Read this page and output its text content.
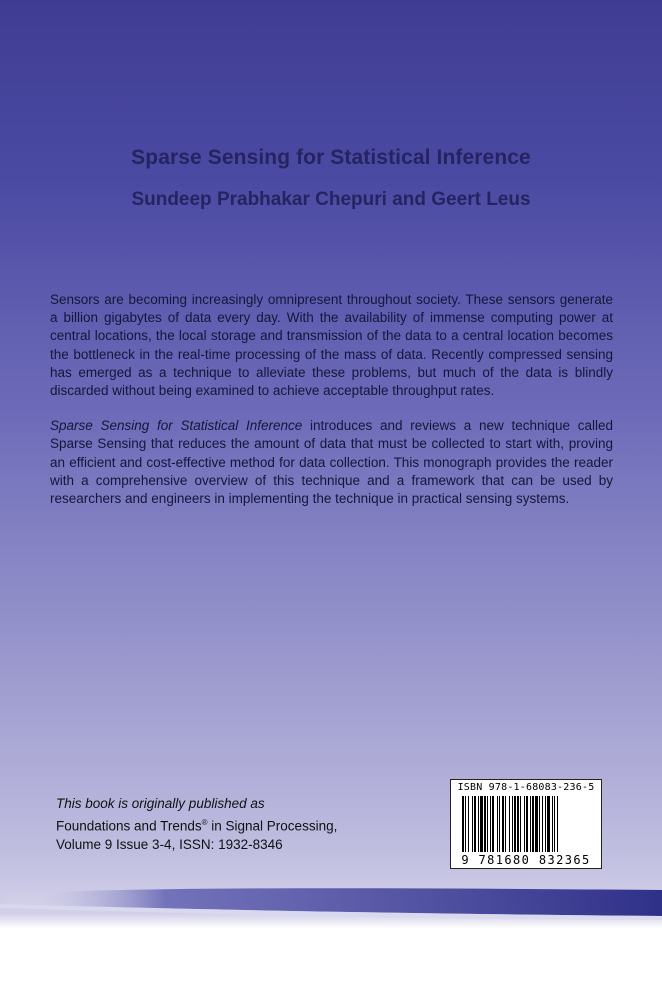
Sparse Sensing for Statistical Inference
Sundeep Prabhakar Chepuri and Geert Leus

Sensors are becoming increasingly omnipresent throughout society. These sensors generate a billion gigabytes of data every day. With the availability of immense computing power at central locations, the local storage and transmission of the data to a central location becomes the bottleneck in the real-time processing of the mass of data. Recently compressed sensing has emerged as a technique to alleviate these problems, but much of the data is blindly discarded without being examined to achieve acceptable throughput rates.

Sparse Sensing for Statistical Inference introduces and reviews a new technique called Sparse Sensing that reduces the amount of data that must be collected to start with, proving an efficient and cost-effective method for data collection. This monograph provides the reader with a comprehensive overview of this technique and a framework that can be used by researchers and engineers in implementing the technique in practical sensing systems.

This book is originally published as
Foundations and Trends® in Signal Processing,
Volume 9 Issue 3-4, ISSN: 1932-8346
ISBN 978-1-68083-236-5
9 781680 832365
